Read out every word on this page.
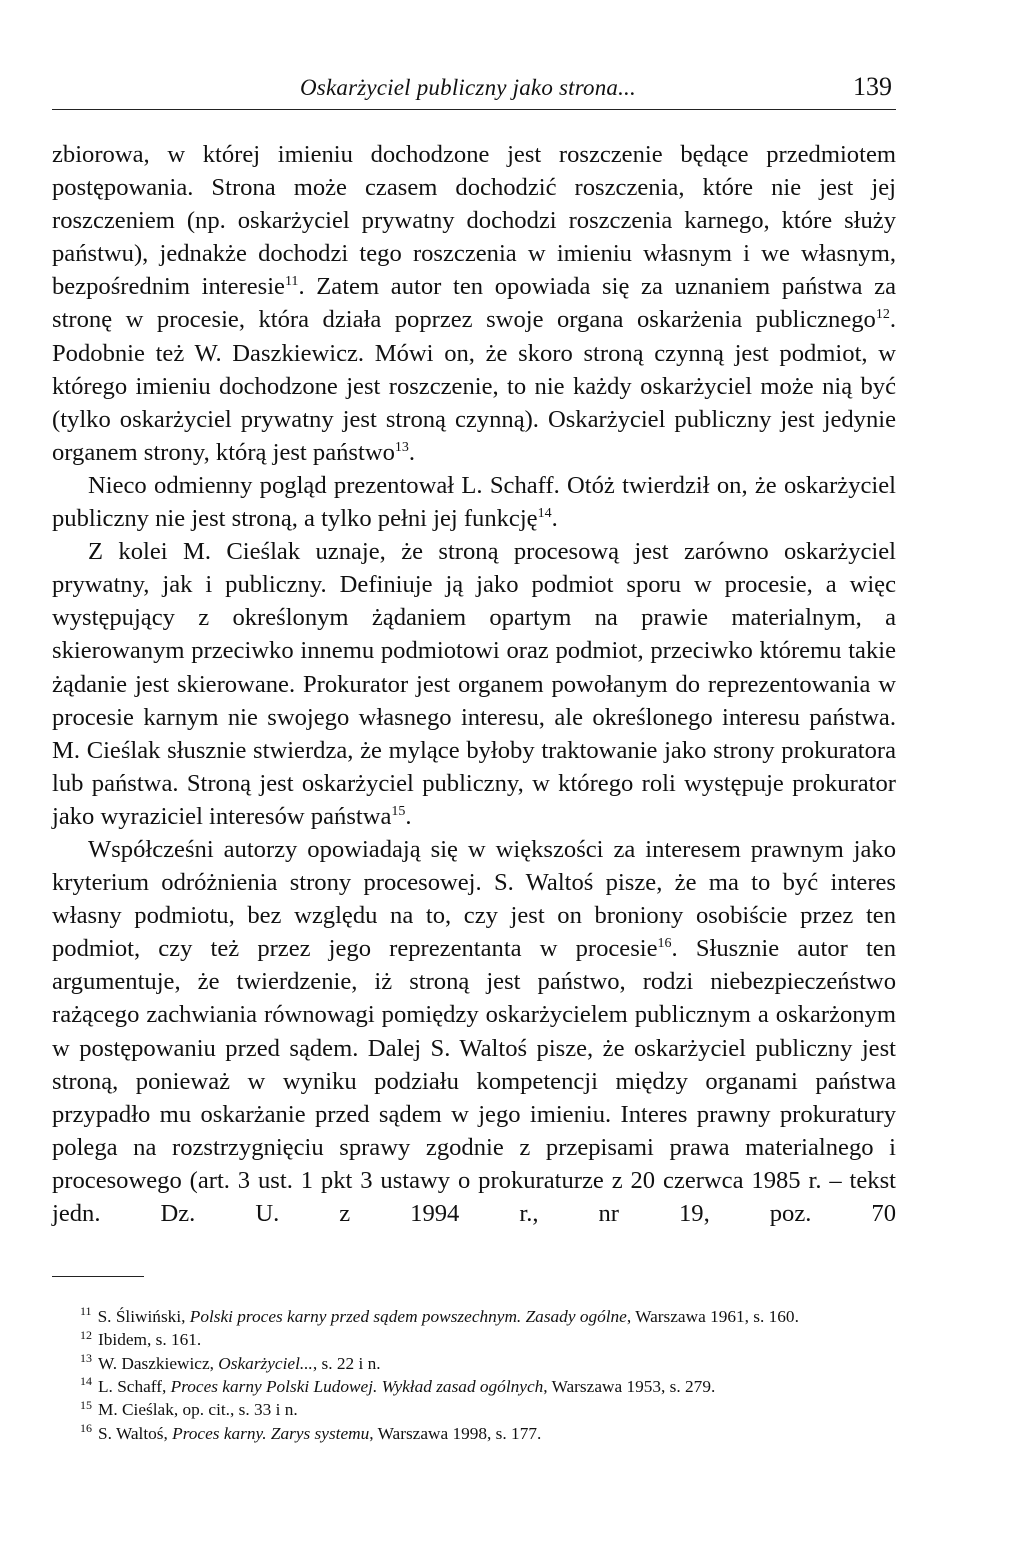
Oskarżyciel publiczny jako strona...	139

zbiorowa, w której imieniu dochodzone jest roszczenie będące przedmiotem postępowania. Strona może czasem dochodzić roszczenia, które nie jest jej roszczeniem (np. oskarżyciel prywatny dochodzi roszczenia karnego, które służy państwu), jednakże dochodzi tego roszczenia w imieniu własnym i we własnym, bezpośrednim interesie$^{11}$. Zatem autor ten opowiada się za uznaniem państwa za stronę w procesie, która działa poprzez swoje organa oskarżenia publicznego$^{12}$. Podobnie też W. Daszkiewicz. Mówi on, że skoro stroną czynną jest podmiot, w którego imieniu dochodzone jest roszczenie, to nie każdy oskarżyciel może nią być (tylko oskarżyciel prywatny jest stroną czynną). Oskarżyciel publiczny jest jedynie organem strony, którą jest państwo$^{13}$.

Nieco odmienny pogląd prezentował L. Schaff. Otóż twierdził on, że oskarżyciel publiczny nie jest stroną, a tylko pełni jej funkcję$^{14}$.

Z kolei M. Cieślak uznaje, że stroną procesową jest zarówno oskarżyciel prywatny, jak i publiczny. Definiuje ją jako podmiot sporu w procesie, a więc występujący z określonym żądaniem opartym na prawie materialnym, a skierowanym przeciwko innemu podmiotowi oraz podmiot, przeciwko któremu takie żądanie jest skierowane. Prokurator jest organem powołanym do reprezentowania w procesie karnym nie swojego własnego interesu, ale określonego interesu państwa. M. Cieślak słusznie stwierdza, że mylące byłoby traktowanie jako strony prokuratora lub państwa. Stroną jest oskarżyciel publiczny, w którego roli występuje prokurator jako wyraziciel interesów państwa$^{15}$.

Współcześni autorzy opowiadają się w większości za interesem prawnym jako kryterium odróżnienia strony procesowej. S. Waltoś pisze, że ma to być interes własny podmiotu, bez względu na to, czy jest on broniony osobiście przez ten podmiot, czy też przez jego reprezentanta w procesie$^{16}$. Słusznie autor ten argumentuje, że twierdzenie, iż stroną jest państwo, rodzi niebezpieczeństwo rażącego zachwiania równowagi pomiędzy oskarżycielem publicznym a oskarżonym w postępowaniu przed sądem. Dalej S. Waltoś pisze, że oskarżyciel publiczny jest stroną, ponieważ w wyniku podziału kompetencji między organami państwa przypadło mu oskarżanie przed sądem w jego imieniu. Interes prawny prokuratury polega na rozstrzygnięciu sprawy zgodnie z przepisami prawa materialnego i procesowego (art. 3 ust. 1 pkt 3 ustawy o prokuraturze z 20 czerwca 1985 r. – tekst jedn. Dz. U. z 1994 r., nr 19, poz. 70

$^{11}$ S. Śliwiński, Polski proces karny przed sądem powszechnym. Zasady ogólne, Warszawa 1961, s. 160.

$^{12}$ Ibidem, s. 161.

$^{13}$ W. Daszkiewicz, Oskarżyciel..., s. 22 i n.

$^{14}$ L. Schaff, Proces karny Polski Ludowej. Wykład zasad ogólnych, Warszawa 1953, s. 279.

$^{15}$ M. Cieślak, op. cit., s. 33 i n.

$^{16}$ S. Waltoś, Proces karny. Zarys systemu, Warszawa 1998, s. 177.
